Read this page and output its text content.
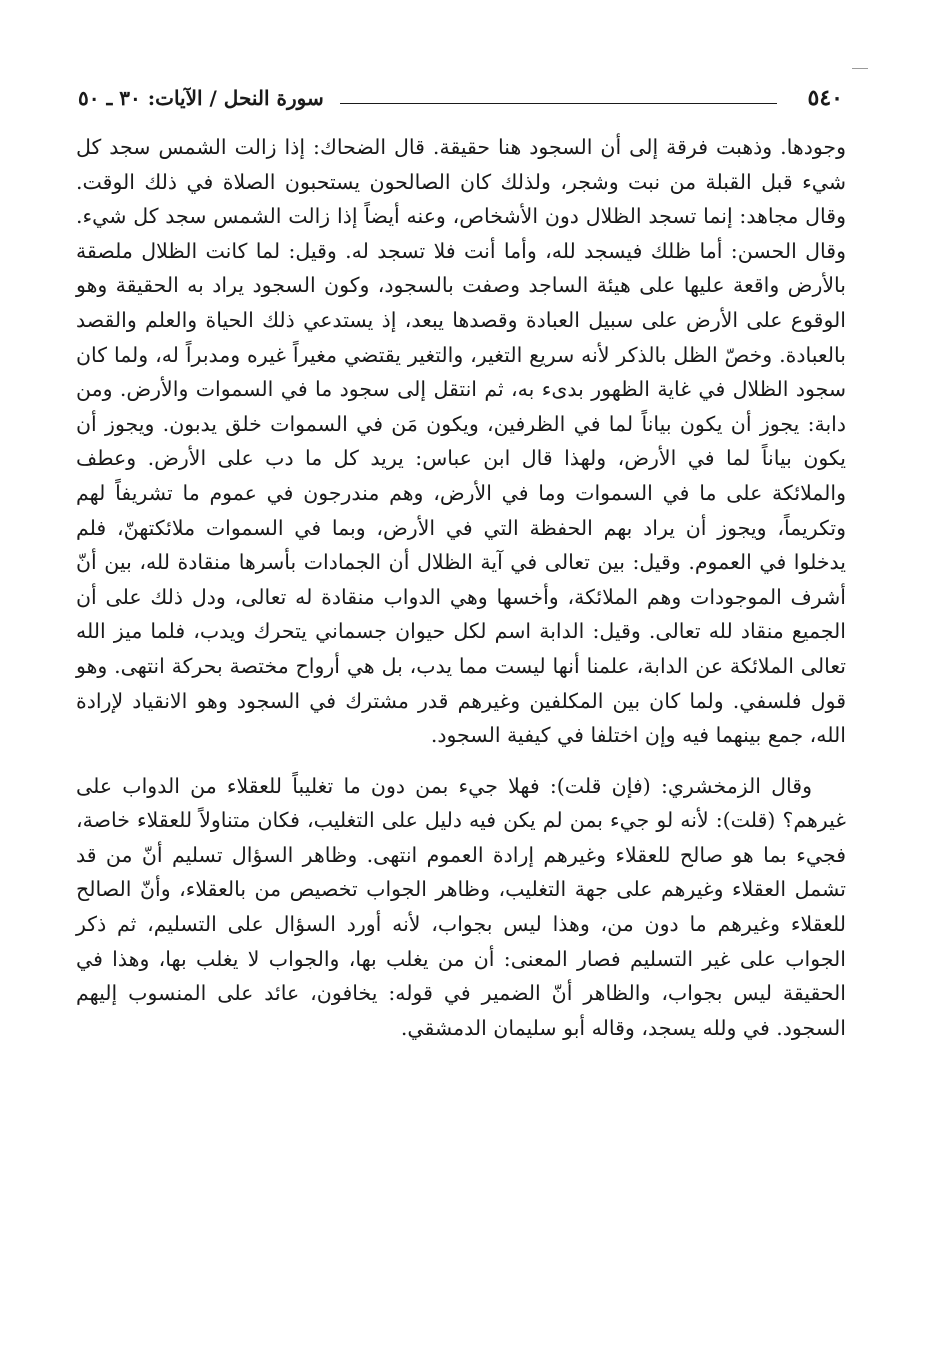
٥٤٠
سورة النحل / الآيات: ٣٠ ـ ٥٠

وجودها. وذهبت فرقة إلى أن السجود هنا حقيقة. قال الضحاك: إذا زالت الشمس سجد كل شيء قبل القبلة من نبت وشجر، ولذلك كان الصالحون يستحبون الصلاة في ذلك الوقت. وقال مجاهد: إنما تسجد الظلال دون الأشخاص، وعنه أيضاً إذا زالت الشمس سجد كل شيء. وقال الحسن: أما ظلك فيسجد لله، وأما أنت فلا تسجد له. وقيل: لما كانت الظلال ملصقة بالأرض واقعة عليها على هيئة الساجد وصفت بالسجود، وكون السجود يراد به الحقيقة وهو الوقوع على الأرض على سبيل العبادة وقصدها يبعد، إذ يستدعي ذلك الحياة والعلم والقصد بالعبادة. وخصّ الظل بالذكر لأنه سريع التغير، والتغير يقتضي مغيراً غيره ومدبراً له، ولما كان سجود الظلال في غاية الظهور بدىء به، ثم انتقل إلى سجود ما في السموات والأرض. ومن دابة: يجوز أن يكون بياناً لما في الظرفين، ويكون مَن في السموات خلق يدبون. ويجوز أن يكون بياناً لما في الأرض، ولهذا قال ابن عباس: يريد كل ما دب على الأرض. وعطف والملائكة على ما في السموات وما في الأرض، وهم مندرجون في عموم ما تشريفاً لهم وتكريماً، ويجوز أن يراد بهم الحفظة التي في الأرض، وبما في السموات ملائكتهنّ، فلم يدخلوا في العموم. وقيل: بين تعالى في آية الظلال أن الجمادات بأسرها منقادة لله، بين أنّ أشرف الموجودات وهم الملائكة، وأخسها وهي الدواب منقادة له تعالى، ودل ذلك على أن الجميع منقاد لله تعالى. وقيل: الدابة اسم لكل حيوان جسماني يتحرك ويدب، فلما ميز الله تعالى الملائكة عن الدابة، علمنا أنها ليست مما يدب، بل هي أرواح مختصة بحركة انتهى. وهو قول فلسفي. ولما كان بين المكلفين وغيرهم قدر مشترك في السجود وهو الانقياد لإرادة الله، جمع بينهما فيه وإن اختلفا في كيفية السجود.

وقال الزمخشري: (فإن قلت): فهلا جيء بمن دون ما تغليباً للعقلاء من الدواب على غيرهم؟ (قلت): لأنه لو جيء بمن لم يكن فيه دليل على التغليب، فكان متناولاً للعقلاء خاصة، فجيء بما هو صالح للعقلاء وغيرهم إرادة العموم انتهى. وظاهر السؤال تسليم أنّ من قد تشمل العقلاء وغيرهم على جهة التغليب، وظاهر الجواب تخصيص من بالعقلاء، وأنّ الصالح للعقلاء وغيرهم ما دون من، وهذا ليس بجواب، لأنه أورد السؤال على التسليم، ثم ذكر الجواب على غير التسليم فصار المعنى: أن من يغلب بها، والجواب لا يغلب بها، وهذا في الحقيقة ليس بجواب، والظاهر أنّ الضمير في قوله: يخافون، عائد على المنسوب إليهم السجود. في ولله يسجد، وقاله أبو سليمان الدمشقي.
